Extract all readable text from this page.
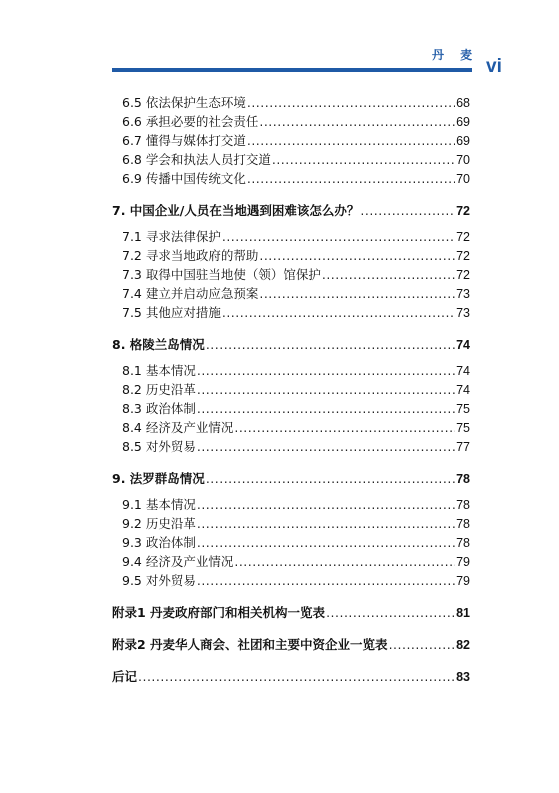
丹 麦
vi
6.5 依法保护生态环境 .....	68
6.6 承担必要的社会责任 .....	69
6.7 懂得与媒体打交道 .....	69
6.8 学会和执法人员打交道 .....	70
6.9 传播中国传统文化 .....	70
7. 中国企业/人员在当地遇到困难该怎么办？ .....	72
7.1 寻求法律保护 .....	72
7.2 寻求当地政府的帮助 .....	72
7.3 取得中国驻当地使（领）馆保护 .....	72
7.4 建立并启动应急预案 .....	73
7.5 其他应对措施 .....	73
8. 格陵兰岛情况 .....	74
8.1 基本情况 .....	74
8.2 历史沿革 .....	74
8.3 政治体制 .....	75
8.4 经济及产业情况 .....	75
8.5 对外贸易 .....	77
9. 法罗群岛情况 .....	78
9.1 基本情况 .....	78
9.2 历史沿革 .....	78
9.3 政治体制 .....	78
9.4 经济及产业情况 .....	79
9.5 对外贸易 .....	79
附录1 丹麦政府部门和相关机构一览表 .....	81
附录2 丹麦华人商会、社团和主要中资企业一览表 .....	82
后记 .....	83
